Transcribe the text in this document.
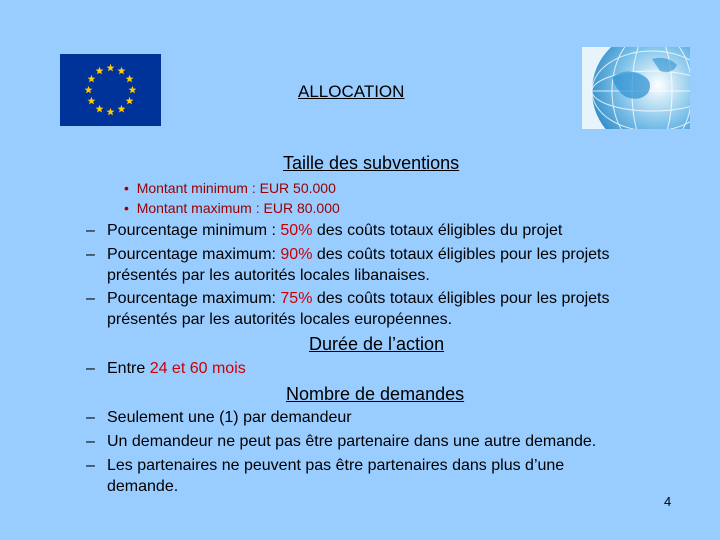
ALLOCATION
Taille des subventions
•  Montant minimum : EUR 50.000
•  Montant maximum : EUR 80.000
– Pourcentage minimum : 50% des coûts totaux éligibles du projet
– Pourcentage maximum: 90% des coûts totaux éligibles pour les projets
présentés par les autorités locales libanaises.
– Pourcentage maximum: 75% des coûts totaux éligibles pour les projets
présentés par les autorités locales européennes.
Durée de l’action
– Entre 24 et 60 mois
Nombre de demandes
– Seulement une (1) par demandeur
– Un demandeur ne peut pas être partenaire dans une autre demande.
– Les partenaires ne peuvent pas être partenaires dans plus d’une
demande.
4
